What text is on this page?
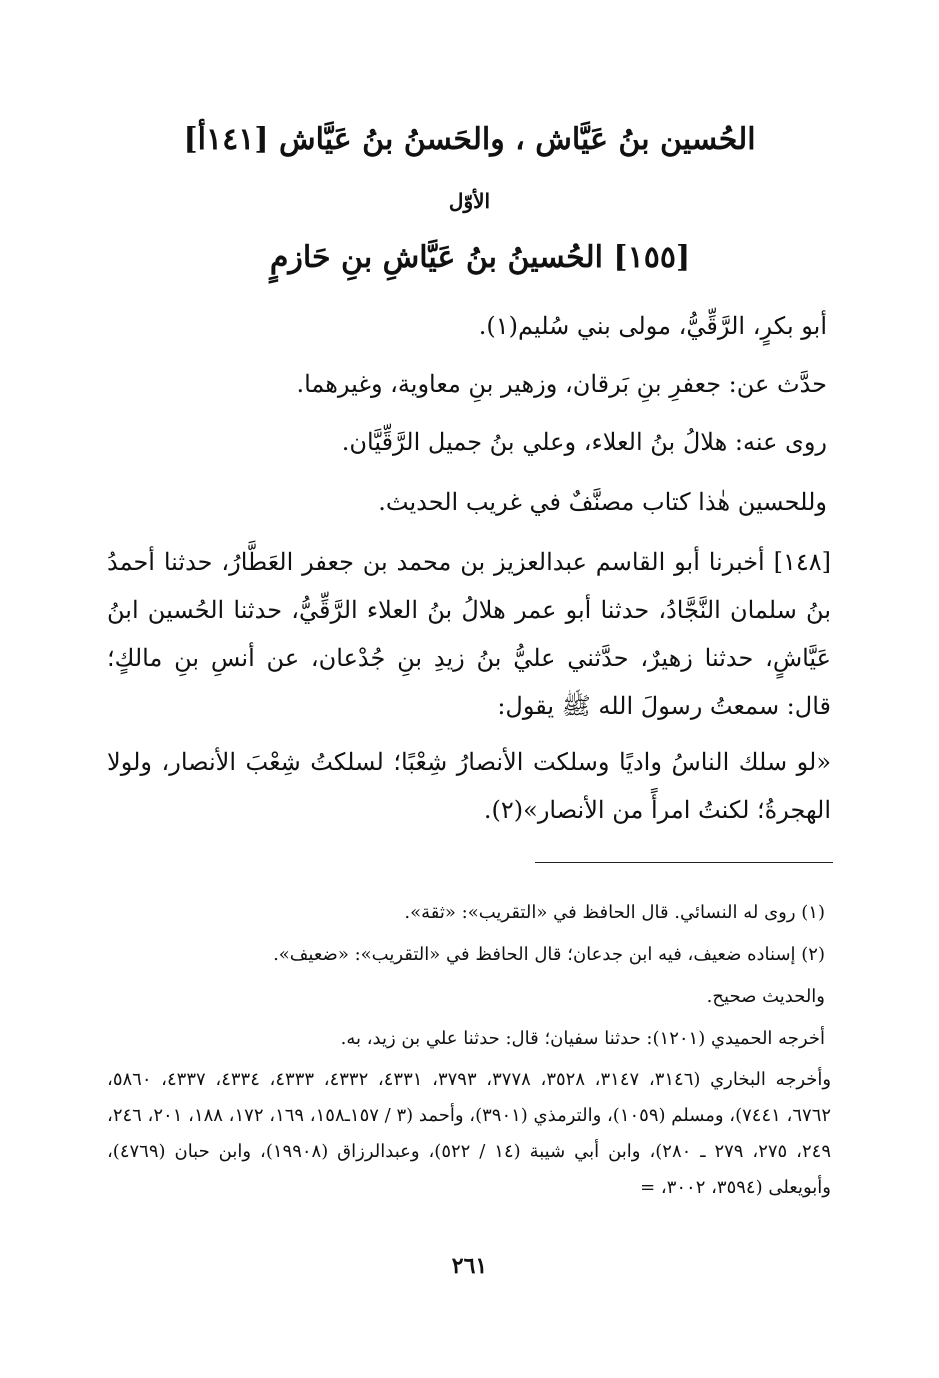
الحُسين بنُ عَيَّاش ، والحَسنُ بنُ عَيَّاش [١٤١أ]
الأوّل
[١٥٥] الحُسينُ بنُ عَيَّاشِ بنِ حَازمٍ

أبو بكرٍ، الرَّقِّيُّ، مولى بني سُليم(١).

حدَّث عن: جعفرِ بنِ بَرقان، وزهير بنِ معاوية، وغيرهما.

روى عنه: هلالُ بنُ العلاء، وعلي بنُ جميل الرَّقِّيَّان.

وللحسين هٰذا كتاب مصنَّفٌ في غريب الحديث.

[١٤٨] أخبرنا أبو القاسم عبدالعزيز بن محمد بن جعفر العَطَّارُ، حدثنا أحمدُ بنُ سلمان النَّجَّادُ، حدثنا أبو عمر هلالُ بنُ العلاء الرَّقِّيُّ، حدثنا الحُسين ابنُ عَيَّاشٍ، حدثنا زهيرٌ، حدَّثني عليُّ بنُ زيدِ بنِ جُدْعان، عن أنسِ بنِ مالكٍ؛ قال: سمعتُ رسولَ الله ﷺ يقول:

«لو سلك الناسُ واديًا وسلكت الأنصارُ شِعْبًا؛ لسلكتُ شِعْبَ الأنصار، ولولا الهجرةُ؛ لكنتُ امرأً من الأنصار»(٢).

(١) روى له النسائي. قال الحافظ في «التقريب»: «ثقة».

(٢) إسناده ضعيف، فيه ابن جدعان؛ قال الحافظ في «التقريب»: «ضعيف».

والحديث صحيح.

أخرجه الحميدي (١٢٠١): حدثنا سفيان؛ قال: حدثنا علي بن زيد، به.

وأخرجه البخاري (٣١٤٦، ٣١٤٧، ٣٥٢٨، ٣٧٧٨، ٣٧٩٣، ٤٣٣١، ٤٣٣٢، ٤٣٣٣، ٤٣٣٤، ٤٣٣٧، ٥٨٦٠، ٦٧٦٢، ٧٤٤١)، ومسلم (١٠٥٩)، والترمذي (٣٩٠١)، وأحمد (٣ / ١٥٧ـ١٥٨، ١٦٩، ١٧٢، ١٨٨، ٢٠١، ٢٤٦، ٢٤٩، ٢٧٥، ٢٧٩ ـ ٢٨٠)، وابن أبي شيبة (١٤ / ٥٢٢)، وعبدالرزاق (١٩٩٠٨)، وابن حبان (٤٧٦٩)، وأبويعلى (٣٥٩٤، ٣٠٠٢، =

٢٦١
